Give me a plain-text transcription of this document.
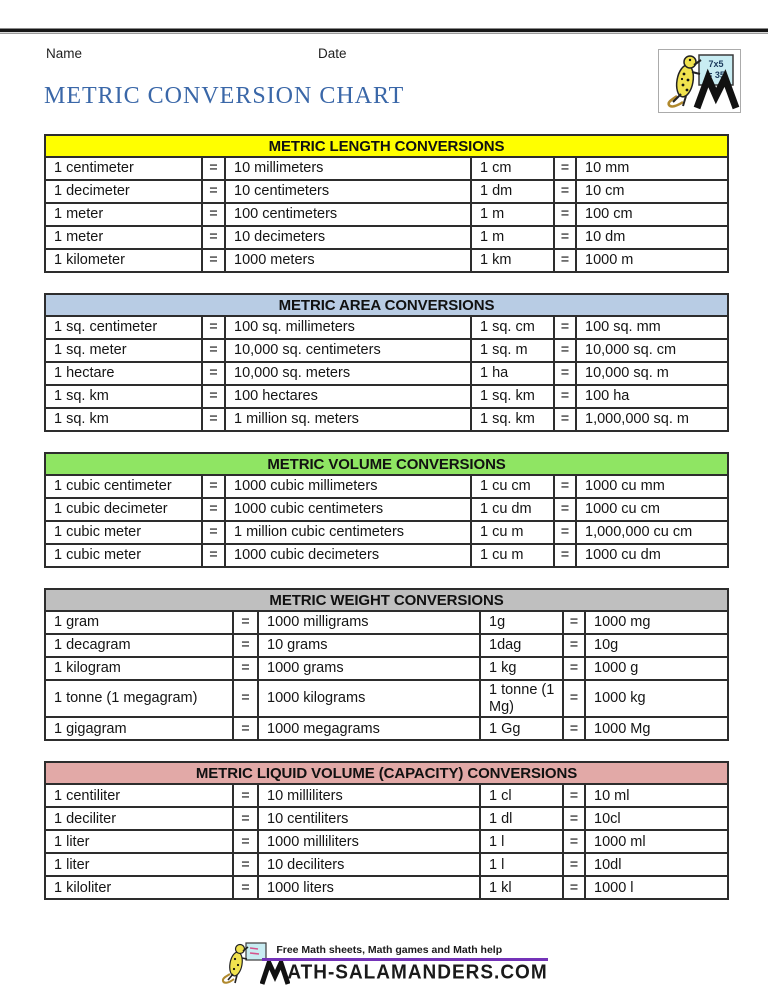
Name	Date
METRIC CONVERSION CHART
7x5
= 35
METRIC LENGTH CONVERSIONS					
1 centimeter	=	10 millimeters	1 cm	=	10 mm
1 decimeter	=	10 centimeters	1 dm	=	10 cm
1 meter	=	100 centimeters	1 m	=	100 cm
1 meter	=	10 decimeters	1 m	=	10 dm
1 kilometer	=	1000 meters	1 km	=	1000 m
METRIC AREA CONVERSIONS					
1 sq. centimeter	=	100 sq. millimeters	1 sq. cm	=	100 sq. mm
1 sq. meter	=	10,000 sq. centimeters	1 sq. m	=	10,000 sq. cm
1 hectare	=	10,000 sq. meters	1 ha	=	10,000 sq. m
1 sq. km	=	100 hectares	1 sq. km	=	100 ha
1 sq. km	=	1 million sq. meters	1 sq. km	=	1,000,000 sq. m
METRIC VOLUME CONVERSIONS					
1 cubic centimeter	=	1000 cubic millimeters	1 cu cm	=	1000 cu mm
1 cubic decimeter	=	1000 cubic centimeters	1 cu dm	=	1000 cu cm
1 cubic meter	=	1 million cubic centimeters	1 cu m	=	1,000,000 cu cm
1 cubic meter	=	1000 cubic decimeters	1 cu m	=	1000 cu dm
METRIC WEIGHT CONVERSIONS					
1 gram	=	1000 milligrams	1g	=	1000 mg
1 decagram	=	10 grams	1dag	=	10g
1 kilogram	=	1000 grams	1 kg	=	1000 g
1 tonne (1 megagram)	=	1000 kilograms	1 tonne (1 Mg)	=	1000 kg
1 gigagram	=	1000 megagrams	1 Gg	=	1000 Mg
METRIC LIQUID VOLUME (CAPACITY) CONVERSIONS					
1 centiliter	=	10 milliliters	1 cl	=	10 ml
1 deciliter	=	10 centiliters	1 dl	=	10cl
1 liter	=	1000 milliliters	1 l	=	1000 ml
1 liter	=	10 deciliters	1 l	=	10dl
1 kiloliter	=	1000 liters	1 kl	=	1000 l
Free Math sheets, Math games and Math help
ATH-SALAMANDERS.COM
